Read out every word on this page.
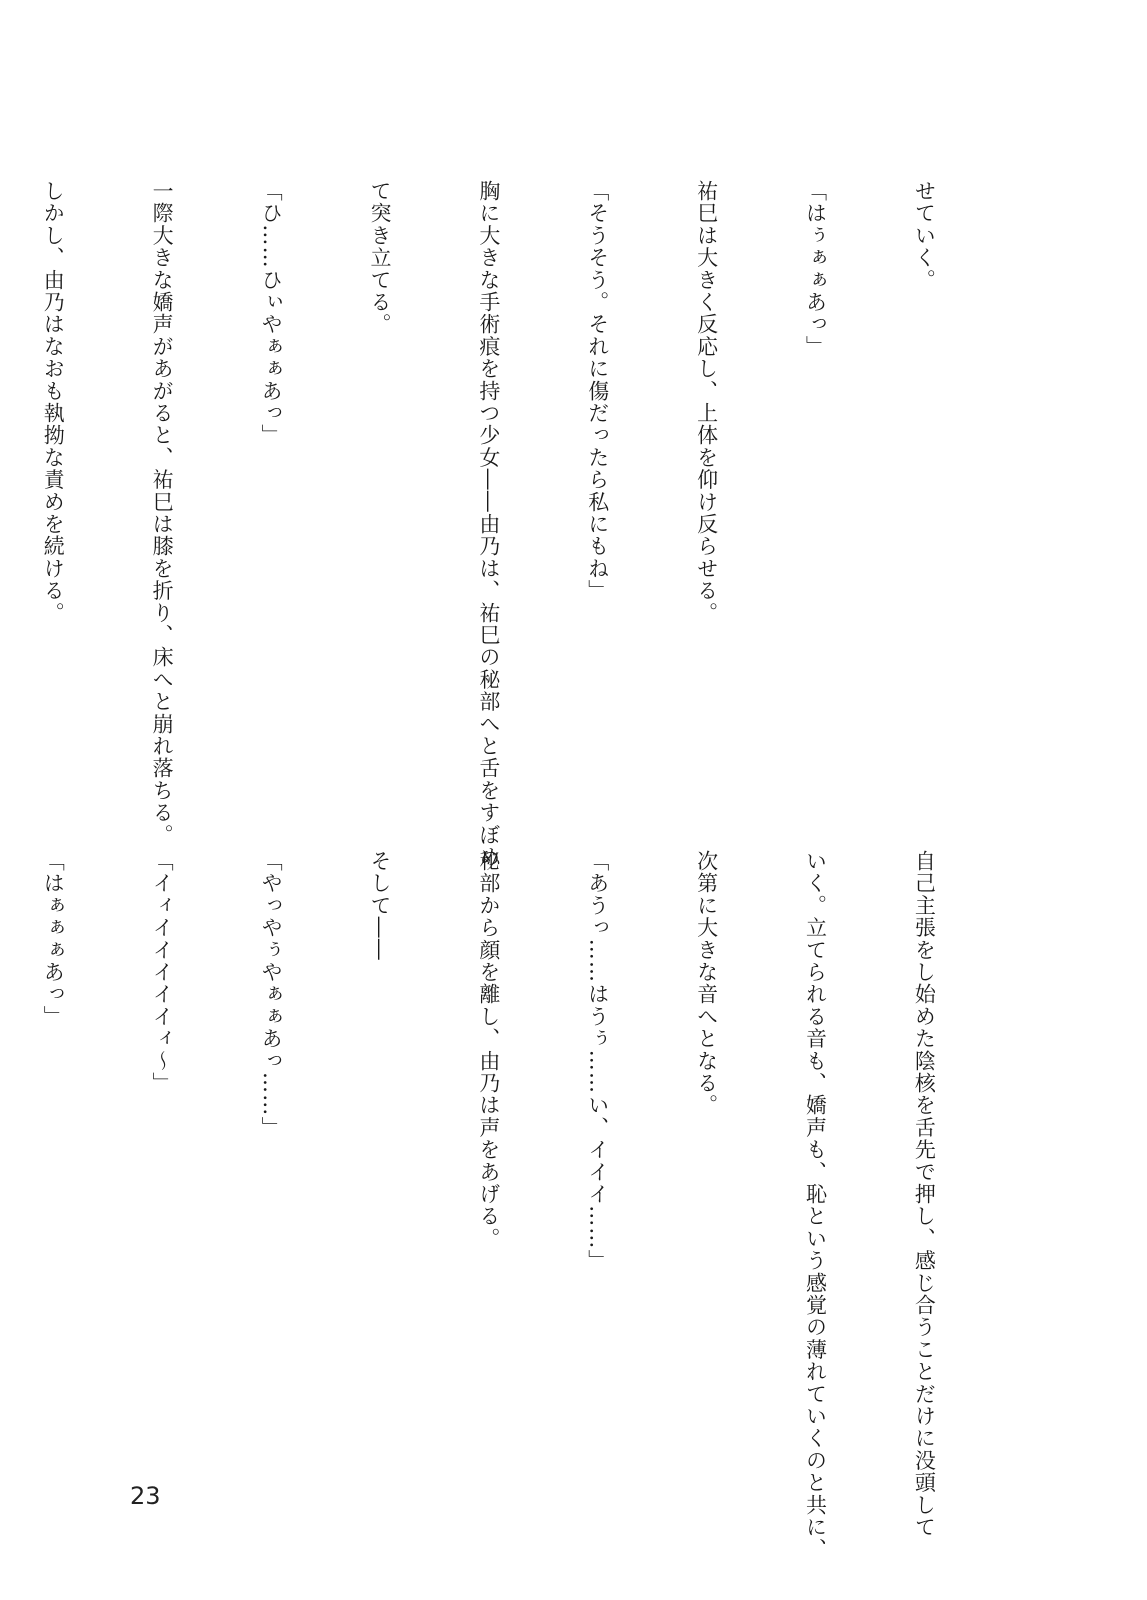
せていく。

「はぅぁぁあっ」

祐巳は大きく反応し、上体を仰け反らせる。

「そうそう。それに傷だったら私にもね」

胸に大きな手術痕を持つ少女――由乃は、祐巳の秘部へと舌をすぼめ

て突き立てる。

「ひ……ひぃやぁぁあっ」

一際大きな嬌声があがると、祐巳は膝を折り、床へと崩れ落ちる。

しかし、由乃はなおも執拗な責めを続ける。

自己主張をし始めた陰核を舌先で押し、感じ合うことだけに没頭して

いく。立てられる音も、嬌声も、恥という感覚の薄れていくのと共に、

次第に大きな音へとなる。

「あうっ……はうぅ……い、イイイ……」

秘部から顔を離し、由乃は声をあげる。

そして――

「やっやぅやぁぁあっ……」

「イィイイイイイィ～」

「はぁぁぁあっ」

23
